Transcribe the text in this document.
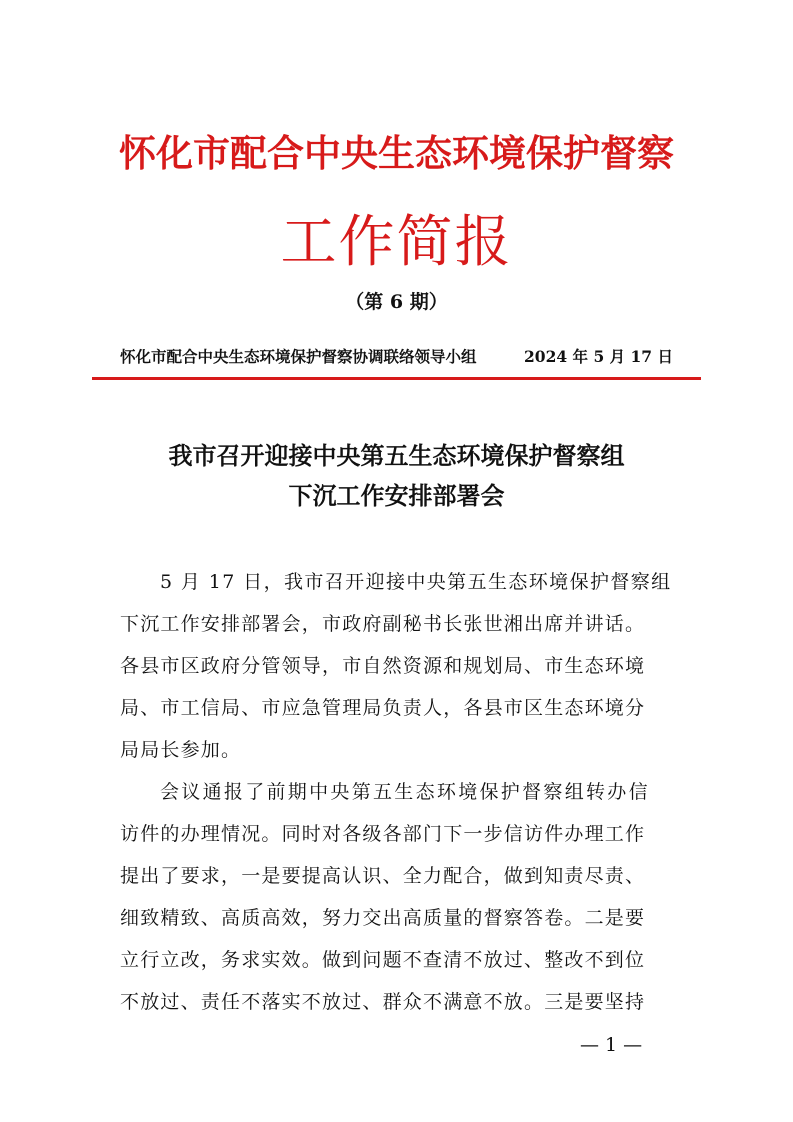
怀化市配合中央生态环境保护督察
工作简报
（第 6 期）
怀化市配合中央生态环境保护督察协调联络领导小组	2024 年 5 月 17 日
我市召开迎接中央第五生态环境保护督察组
下沉工作安排部署会
5 月 17 日，我市召开迎接中央第五生态环境保护督察组
下沉工作安排部署会，市政府副秘书长张世湘出席并讲话。
各县市区政府分管领导，市自然资源和规划局、市生态环境
局、市工信局、市应急管理局负责人，各县市区生态环境分
局局长参加。
会议通报了前期中央第五生态环境保护督察组转办信
访件的办理情况。同时对各级各部门下一步信访件办理工作
提出了要求，一是要提高认识、全力配合，做到知责尽责、
细致精致、高质高效，努力交出高质量的督察答卷。二是要
立行立改，务求实效。做到问题不查清不放过、整改不到位
不放过、责任不落实不放过、群众不满意不放。三是要坚持
— 1 —
